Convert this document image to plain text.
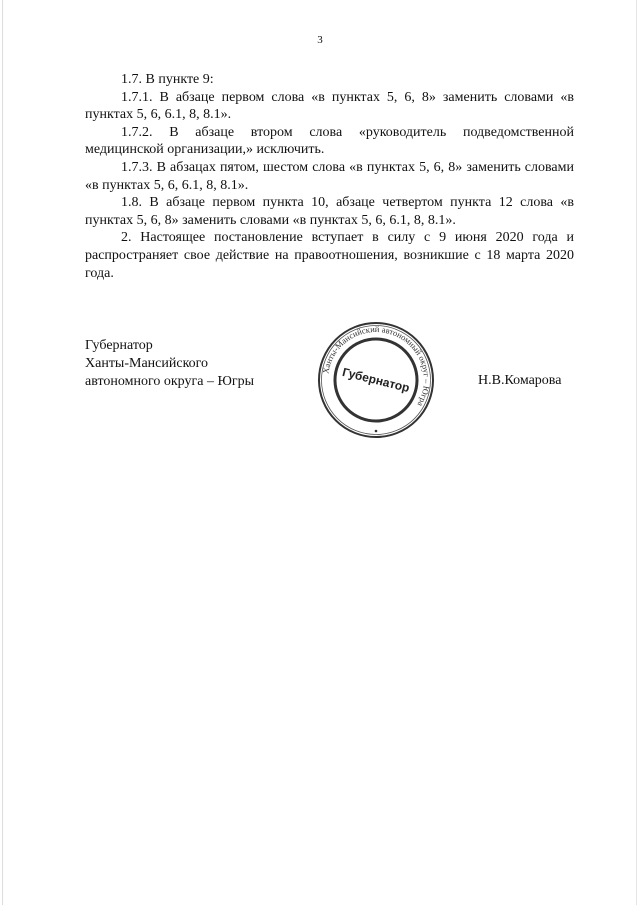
3

1.7. В пункте 9:

1.7.1. В абзаце первом слова «в пунктах 5, 6, 8» заменить словами «в пунктах 5, 6, 6.1, 8, 8.1».

1.7.2. В абзаце втором слова «руководитель подведомственной медицинской организации,» исключить.

1.7.3. В абзацах пятом, шестом слова «в пунктах 5, 6, 8» заменить словами «в пунктах 5, 6, 6.1, 8, 8.1».

1.8. В абзаце первом пункта 10, абзаце четвертом пункта 12 слова «в пунктах 5, 6, 8» заменить словами «в пунктах 5, 6, 6.1, 8, 8.1».

2. Настоящее постановление вступает в силу с 9 июня 2020 года и распространяет свое действие на правоотношения, возникшие с 18 марта 2020 года.

Губернатор
Ханты-Мансийского
автономного округа – Югры
Ханты-Мансийский автономный округ – Югра
Губернатор	Н.В.Комарова
